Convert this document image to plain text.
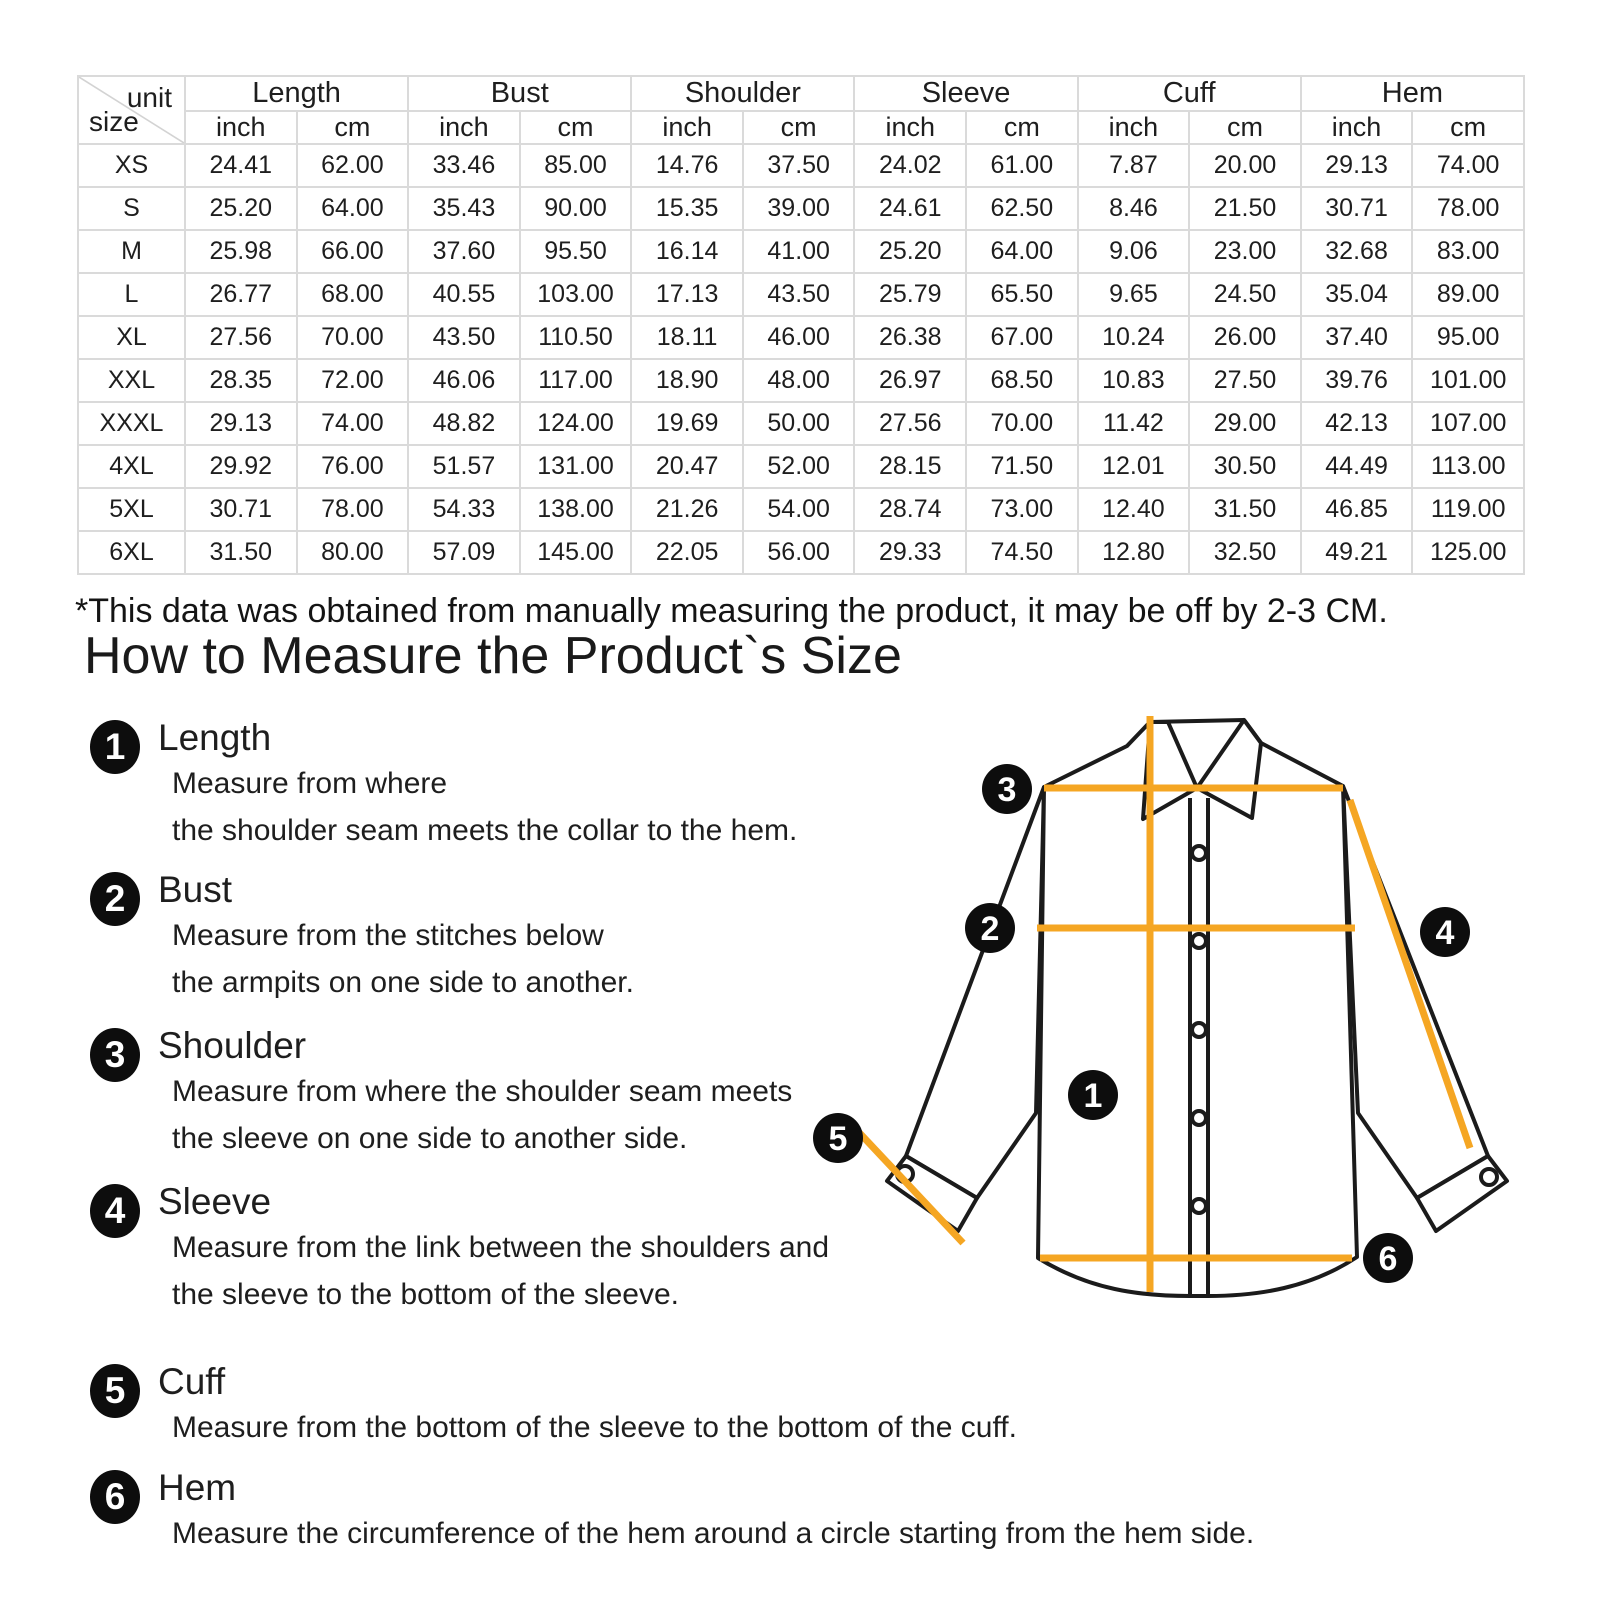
unit
size	Length		Bust		Shoulder		Sleeve		Cuff		Hem	
	inch	cm	inch	cm	inch	cm	inch	cm	inch	cm	inch	cm
XS	24.41	62.00	33.46	85.00	14.76	37.50	24.02	61.00	7.87	20.00	29.13	74.00
S	25.20	64.00	35.43	90.00	15.35	39.00	24.61	62.50	8.46	21.50	30.71	78.00
M	25.98	66.00	37.60	95.50	16.14	41.00	25.20	64.00	9.06	23.00	32.68	83.00
L	26.77	68.00	40.55	103.00	17.13	43.50	25.79	65.50	9.65	24.50	35.04	89.00
XL	27.56	70.00	43.50	110.50	18.11	46.00	26.38	67.00	10.24	26.00	37.40	95.00
XXL	28.35	72.00	46.06	117.00	18.90	48.00	26.97	68.50	10.83	27.50	39.76	101.00
XXXL	29.13	74.00	48.82	124.00	19.69	50.00	27.56	70.00	11.42	29.00	42.13	107.00
4XL	29.92	76.00	51.57	131.00	20.47	52.00	28.15	71.50	12.01	30.50	44.49	113.00
5XL	30.71	78.00	54.33	138.00	21.26	54.00	28.74	73.00	12.40	31.50	46.85	119.00
6XL	31.50	80.00	57.09	145.00	22.05	56.00	29.33	74.50	12.80	32.50	49.21	125.00
*This data was obtained from manually measuring the product, it may be off by 2-3 CM.
How to Measure the Product`s Size
1 Length
Measure from where
the shoulder seam meets the collar to the hem.
2 Bust
Measure from the stitches below
the armpits on one side to another.
3 Shoulder
Measure from where the shoulder seam meets
the sleeve on one side to another side.
4 Sleeve
Measure from the link between the shoulders and
the sleeve to the bottom of the sleeve.
5 Cuff
Measure from the bottom of the sleeve to the bottom of the cuff.
6 Hem
Measure the circumference of the hem around a circle starting from the hem side.
1
2
3
4
5
6
